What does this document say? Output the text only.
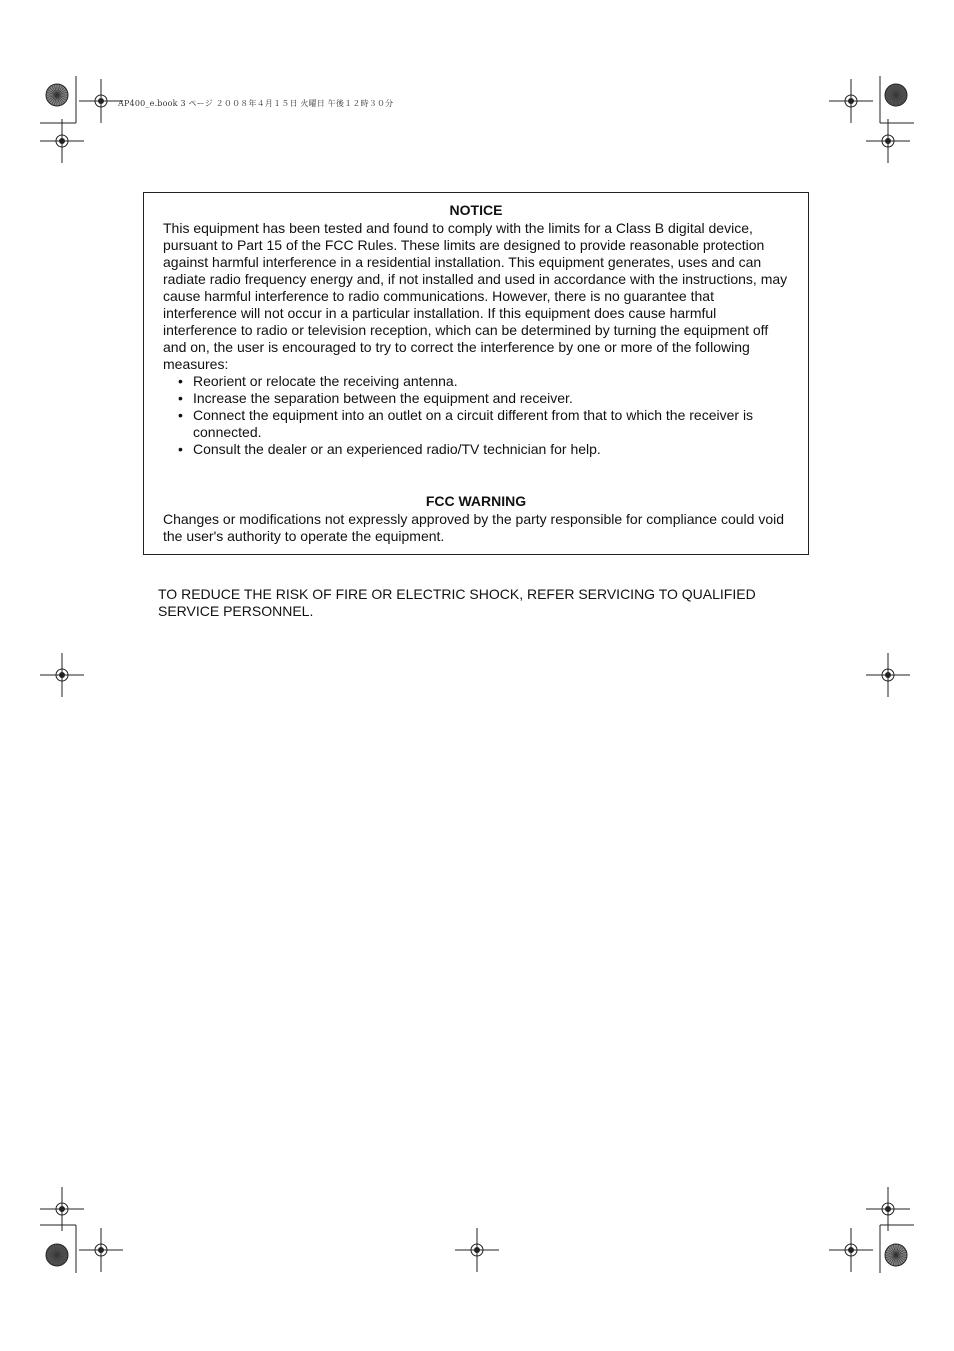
AP400_e.book 3 ページ ２００８年４月１５日 火曜日 午後１２時３０分
NOTICE

This equipment has been tested and found to comply with the limits for a Class B digital device, pursuant to Part 15 of the FCC Rules. These limits are designed to provide reasonable protection against harmful interference in a residential installation. This equipment generates, uses and can radiate radio frequency energy and, if not installed and used in accordance with the instructions, may cause harmful interference to radio communications. However, there is no guarantee that interference will not occur in a particular installation. If this equipment does cause harmful interference to radio or television reception, which can be determined by turning the equipment off and on, the user is encouraged to try to correct the interference by one or more of the following measures:

• Reorient or relocate the receiving antenna.
• Increase the separation between the equipment and receiver.
• Connect the equipment into an outlet on a circuit different from that to which the receiver is connected.
• Consult the dealer or an experienced radio/TV technician for help.
FCC WARNING

Changes or modifications not expressly approved by the party responsible for compliance could void the user's authority to operate the equipment.

TO REDUCE THE RISK OF FIRE OR ELECTRIC SHOCK, REFER SERVICING TO QUALIFIED SERVICE PERSONNEL.
